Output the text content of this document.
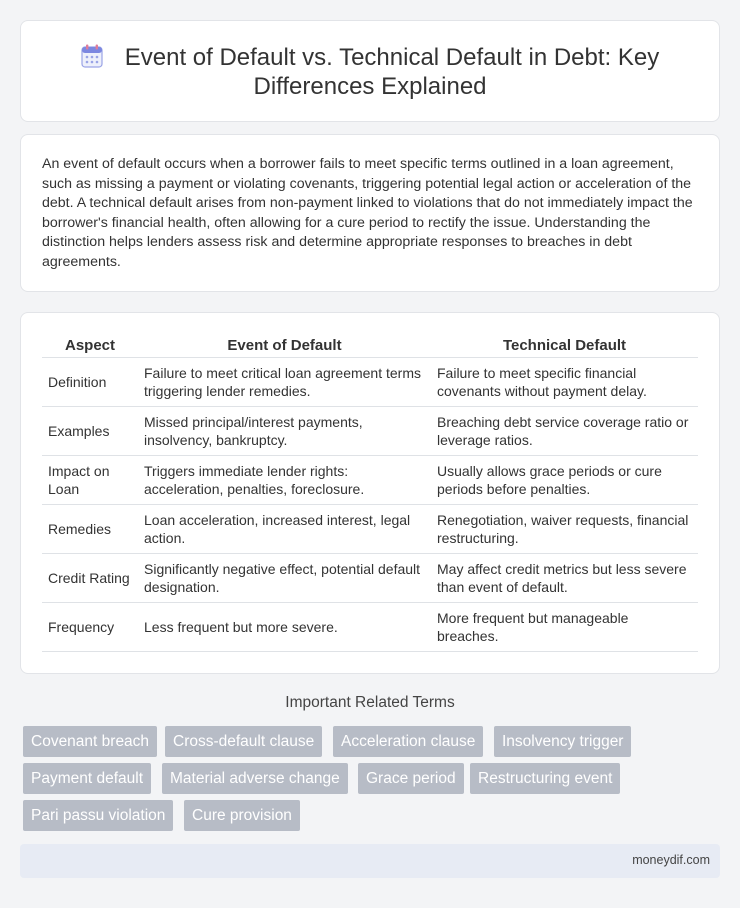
Event of Default vs. Technical Default in Debt: Key Differences Explained

An event of default occurs when a borrower fails to meet specific terms outlined in a loan agreement, such as missing a payment or violating covenants, triggering potential legal action or acceleration of the debt. A technical default arises from non-payment linked to violations that do not immediately impact the borrower's financial health, often allowing for a cure period to rectify the issue. Understanding the distinction helps lenders assess risk and determine appropriate responses to breaches in debt agreements.

Aspect	Event of Default	Technical Default
Definition	Failure to meet critical loan agreement terms triggering lender remedies.	Failure to meet specific financial covenants without payment delay.
Examples	Missed principal/interest payments, insolvency, bankruptcy.	Breaching debt service coverage ratio or leverage ratios.
Impact on Loan	Triggers immediate lender rights: acceleration, penalties, foreclosure.	Usually allows grace periods or cure periods before penalties.
Remedies	Loan acceleration, increased interest, legal action.	Renegotiation, waiver requests, financial restructuring.
Credit Rating	Significantly negative effect, potential default designation.	May affect credit metrics but less severe than event of default.
Frequency	Less frequent but more severe.	More frequent but manageable breaches.
Important Related Terms
Covenant breach	Cross-default clause	Acceleration clause	Insolvency trigger
Payment default	Material adverse change	Grace period	Restructuring event
Pari passu violation	Cure provision
moneydif.com
